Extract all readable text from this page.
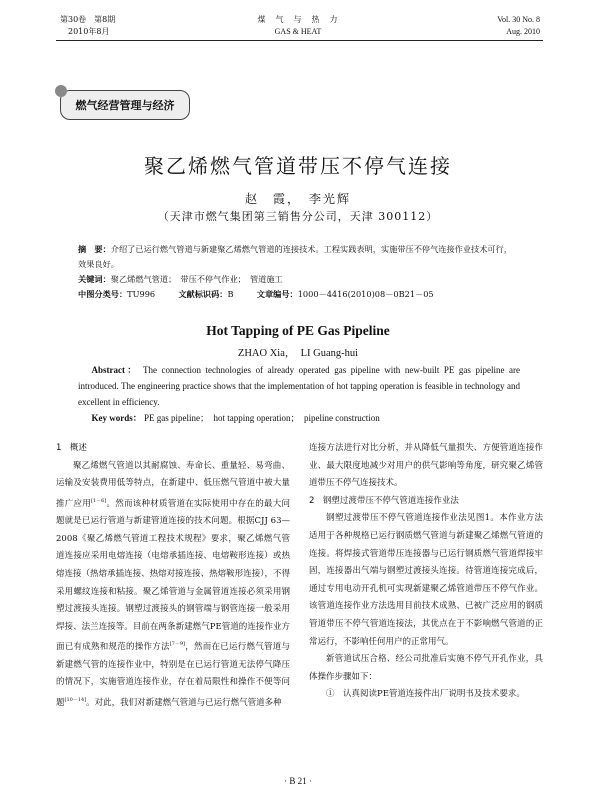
第30卷　第8期
2010年8月
煤　气　与　热　力
GAS & HEAT
Vol. 30 No. 8
Aug. 2010
燃气经营管理与经济
聚乙烯燃气管道带压不停气连接
赵　霞，　李光辉
（天津市燃气集团第三销售分公司，天津 300112）
摘　要：介绍了已运行燃气管道与新建聚乙烯燃气管道的连接技术。工程实践表明，实施带压不停气连接作业技术可行，效果良好。
关键词：聚乙烯燃气管道；　带压不停气作业；　管道施工
中图分类号：TU996	文献标识码：B	文章编号：1000－4416(2010)08－0B21－05
Hot Tapping of PE Gas Pipeline
ZHAO Xia，　LI Guang-hui
Abstract： The connection technologies of already operated gas pipeline with new-built PE gas pipeline are introduced. The engineering practice shows that the implementation of hot tapping operation is feasible in technology and excellent in efficiency.
Key words： PE gas pipeline；　hot tapping operation；　pipeline construction

1　概述

聚乙烯燃气管道以其耐腐蚀、寿命长、重量轻、易弯曲、运输及安装费用低等特点，在新建中、低压燃气管道中被大量推广应用[1－6]。然而该种材质管道在实际使用中存在的最大问题就是已运行管道与新建管道连接的技术问题。根据CJJ 63—2008《聚乙烯燃气管道工程技术规程》要求，聚乙烯燃气管道连接应采用电熔连接（电熔承插连接、电熔鞍形连接）或热熔连接（热熔承插连接、热熔对接连接、热熔鞍形连接），不得采用螺纹连接和粘接。聚乙烯管道与金属管道连接必须采用钢塑过渡接头连接。钢塑过渡接头的钢管端与钢管连接一般采用焊接、法兰连接等。目前在两条新建燃气PE管道的连接作业方面已有成熟和规范的操作方法[7－9]，然而在已运行燃气管道与新建燃气管的连接作业中，特别是在已运行管道无法停气降压的情况下，实施管道连接作业，存在着局限性和操作不便等问题[10－14]。对此，我们对新建燃气管道与已运行燃气管道多种

连接方法进行对比分析，并从降低气量损失、方便管道连接作业、最大限度地减少对用户的供气影响等角度，研究聚乙烯管道带压不停气连接技术。

2　钢塑过渡带压不停气管道连接作业法

钢塑过渡带压不停气管道连接作业法见图1。本作业方法适用于各种规格已运行钢质燃气管道与新建聚乙烯燃气管道的连接。将焊接式管道带压连接器与已运行钢质燃气管道焊接牢固，连接器出气端与钢塑过渡接头连接。待管道连接完成后，通过专用电动开孔机可实现新建聚乙烯管道带压不停气作业。该管道连接作业方法选用目前技术成熟、已被广泛应用的钢质管道带压不停气管道连接法，其优点在于不影响燃气管道的正常运行，不影响任何用户的正常用气。

新管道试压合格、经公司批准后实施不停气开孔作业，具体操作步骤如下：

①　认真阅读PE管道连接件出厂说明书及技术要求。

· B 21 ·
